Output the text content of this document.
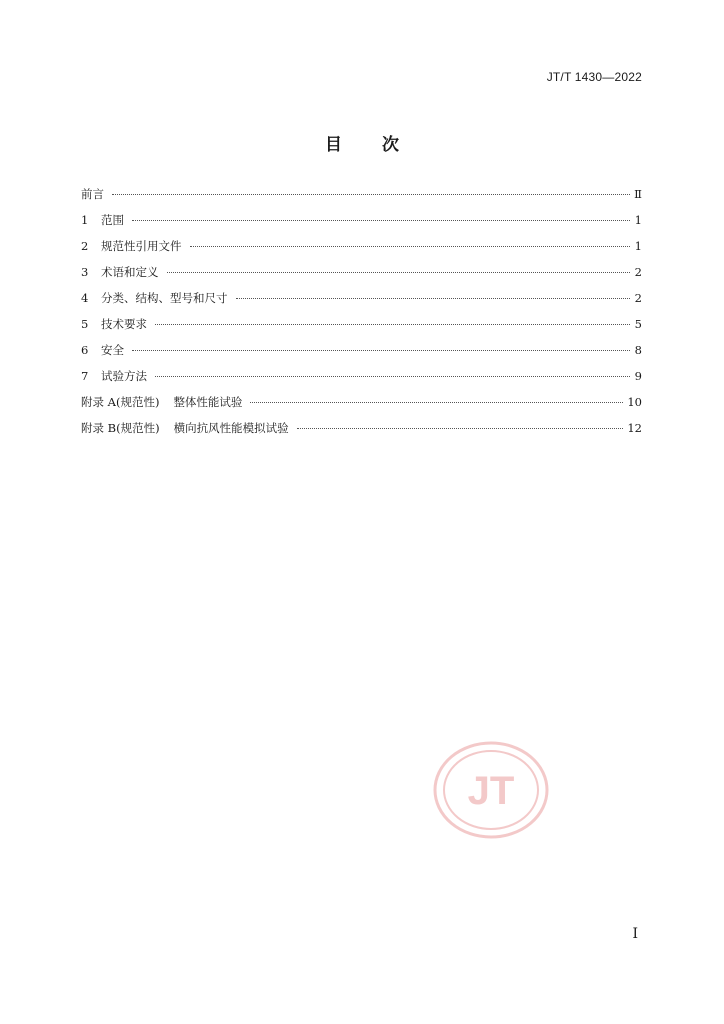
JT/T 1430—2022
目次
前言	Ⅱ
1	范围	1
2	规范性引用文件	1
3	术语和定义	2
4	分类、结构、型号和尺寸	2
5	技术要求	5
6	安全	8
7	试验方法	9
附录 A(规范性) 整体性能试验	10
附录 B(规范性) 横向抗风性能模拟试验	12
JT
I
